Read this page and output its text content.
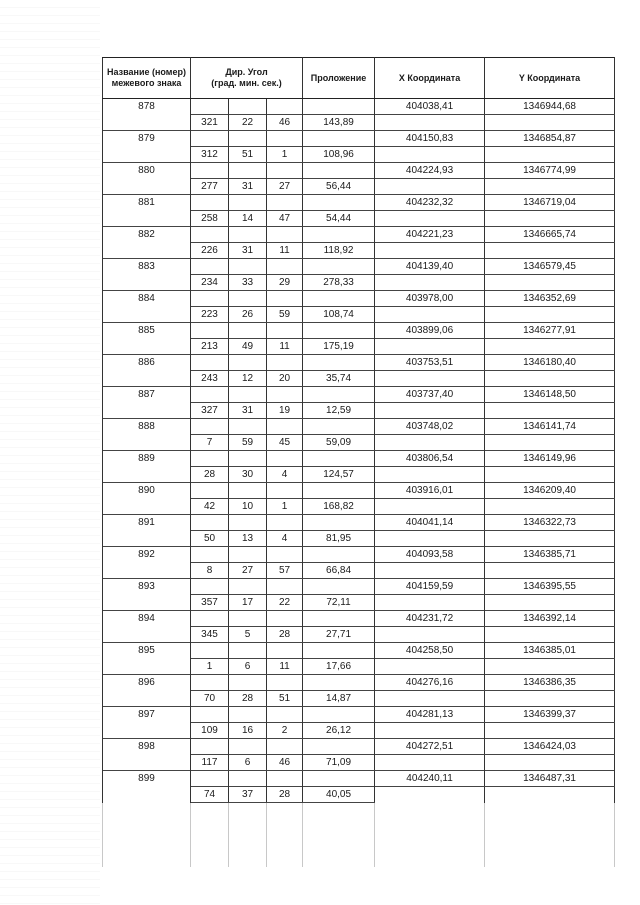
Название (номер) межевого знака	Дир. Угол
(град. мин. сек.)			Проложение	X Координата	Y Координата
878					404038,41	1346944,68
	321	22	46	143,89		
879					404150,83	1346854,87
	312	51	1	108,96		
880					404224,93	1346774,99
	277	31	27	56,44		
881					404232,32	1346719,04
	258	14	47	54,44		
882					404221,23	1346665,74
	226	31	11	118,92		
883					404139,40	1346579,45
	234	33	29	278,33		
884					403978,00	1346352,69
	223	26	59	108,74		
885					403899,06	1346277,91
	213	49	11	175,19		
886					403753,51	1346180,40
	243	12	20	35,74		
887					403737,40	1346148,50
	327	31	19	12,59		
888					403748,02	1346141,74
	7	59	45	59,09		
889					403806,54	1346149,96
	28	30	4	124,57		
890					403916,01	1346209,40
	42	10	1	168,82		
891					404041,14	1346322,73
	50	13	4	81,95		
892					404093,58	1346385,71
	8	27	57	66,84		
893					404159,59	1346395,55
	357	17	22	72,11		
894					404231,72	1346392,14
	345	5	28	27,71		
895					404258,50	1346385,01
	1	6	11	17,66		
896					404276,16	1346386,35
	70	28	51	14,87		
897					404281,13	1346399,37
	109	16	2	26,12		
898					404272,51	1346424,03
	117	6	46	71,09		
899					404240,11	1346487,31
	74	37	28	40,05		
